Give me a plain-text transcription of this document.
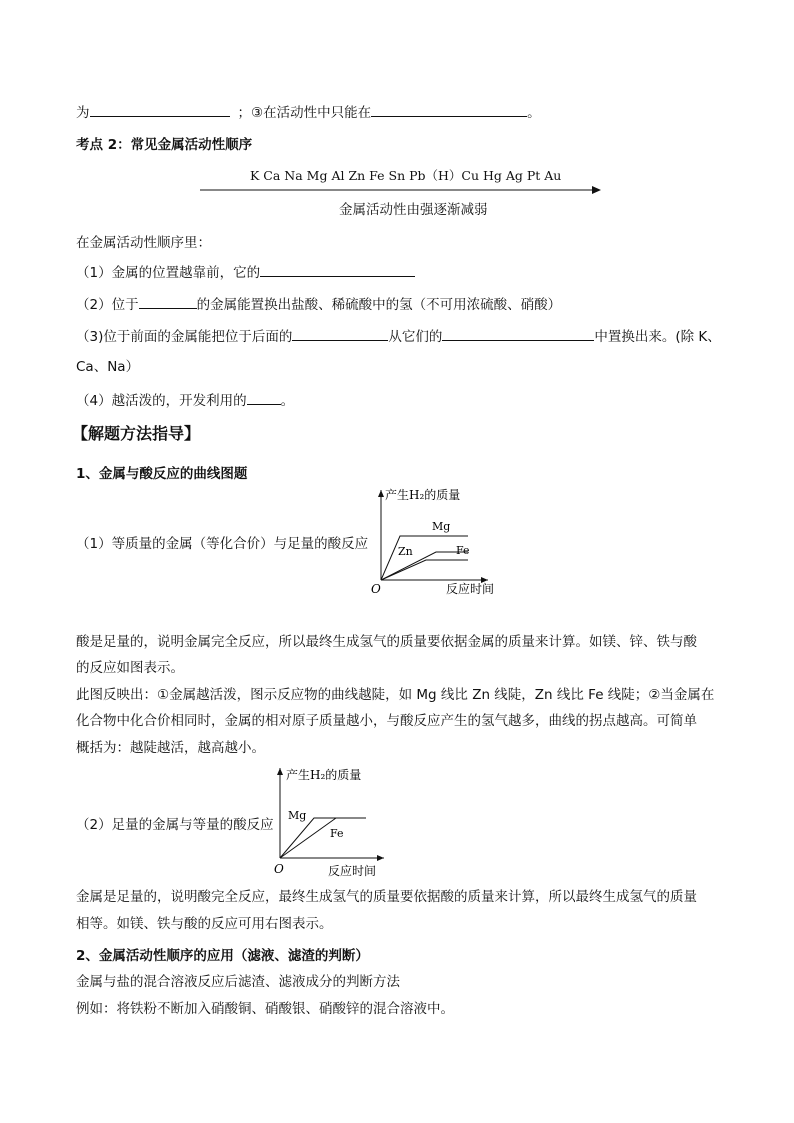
为	；③在活动性中只能在	。
考点 2：常见金属活动性顺序
K Ca Na Mg Al Zn Fe Sn Pb（H）Cu Hg Ag Pt Au
金属活动性由强逐渐减弱
在金属活动性顺序里：
（1）金属的位置越靠前，它的
（2）位于	的金属能置换出盐酸、稀硫酸中的氢（不可用浓硫酸、硝酸）
（3)位于前面的金属能把位于后面的	从它们的	中置换出来。(除 K、
Ca、Na）
（4）越活泼的，开发利用的	。
【解题方法指导】
1、金属与酸反应的曲线图题
（1）等质量的金属（等化合价）与足量的酸反应
产生H₂的质量
反应时间
O
Mg
Zn	Fe
酸是足量的，说明金属完全反应，所以最终生成氢气的质量要依据金属的质量来计算。如镁、锌、铁与酸
的反应如图表示。
此图反映出：①金属越活泼，图示反应物的曲线越陡，如 Mg 线比 Zn 线陡，Zn 线比 Fe 线陡；②当金属在
化合物中化合价相同时，金属的相对原子质量越小，与酸反应产生的氢气越多，曲线的拐点越高。可简单
概括为：越陡越活，越高越小。
（2）足量的金属与等量的酸反应
产生H₂的质量
反应时间
O
Mg
Fe
金属是足量的，说明酸完全反应，最终生成氢气的质量要依据酸的质量来计算，所以最终生成氢气的质量
相等。如镁、铁与酸的反应可用右图表示。
2、金属活动性顺序的应用（滤液、滤渣的判断）
金属与盐的混合溶液反应后滤渣、滤液成分的判断方法
例如：将铁粉不断加入硝酸铜、硝酸银、硝酸锌的混合溶液中。
